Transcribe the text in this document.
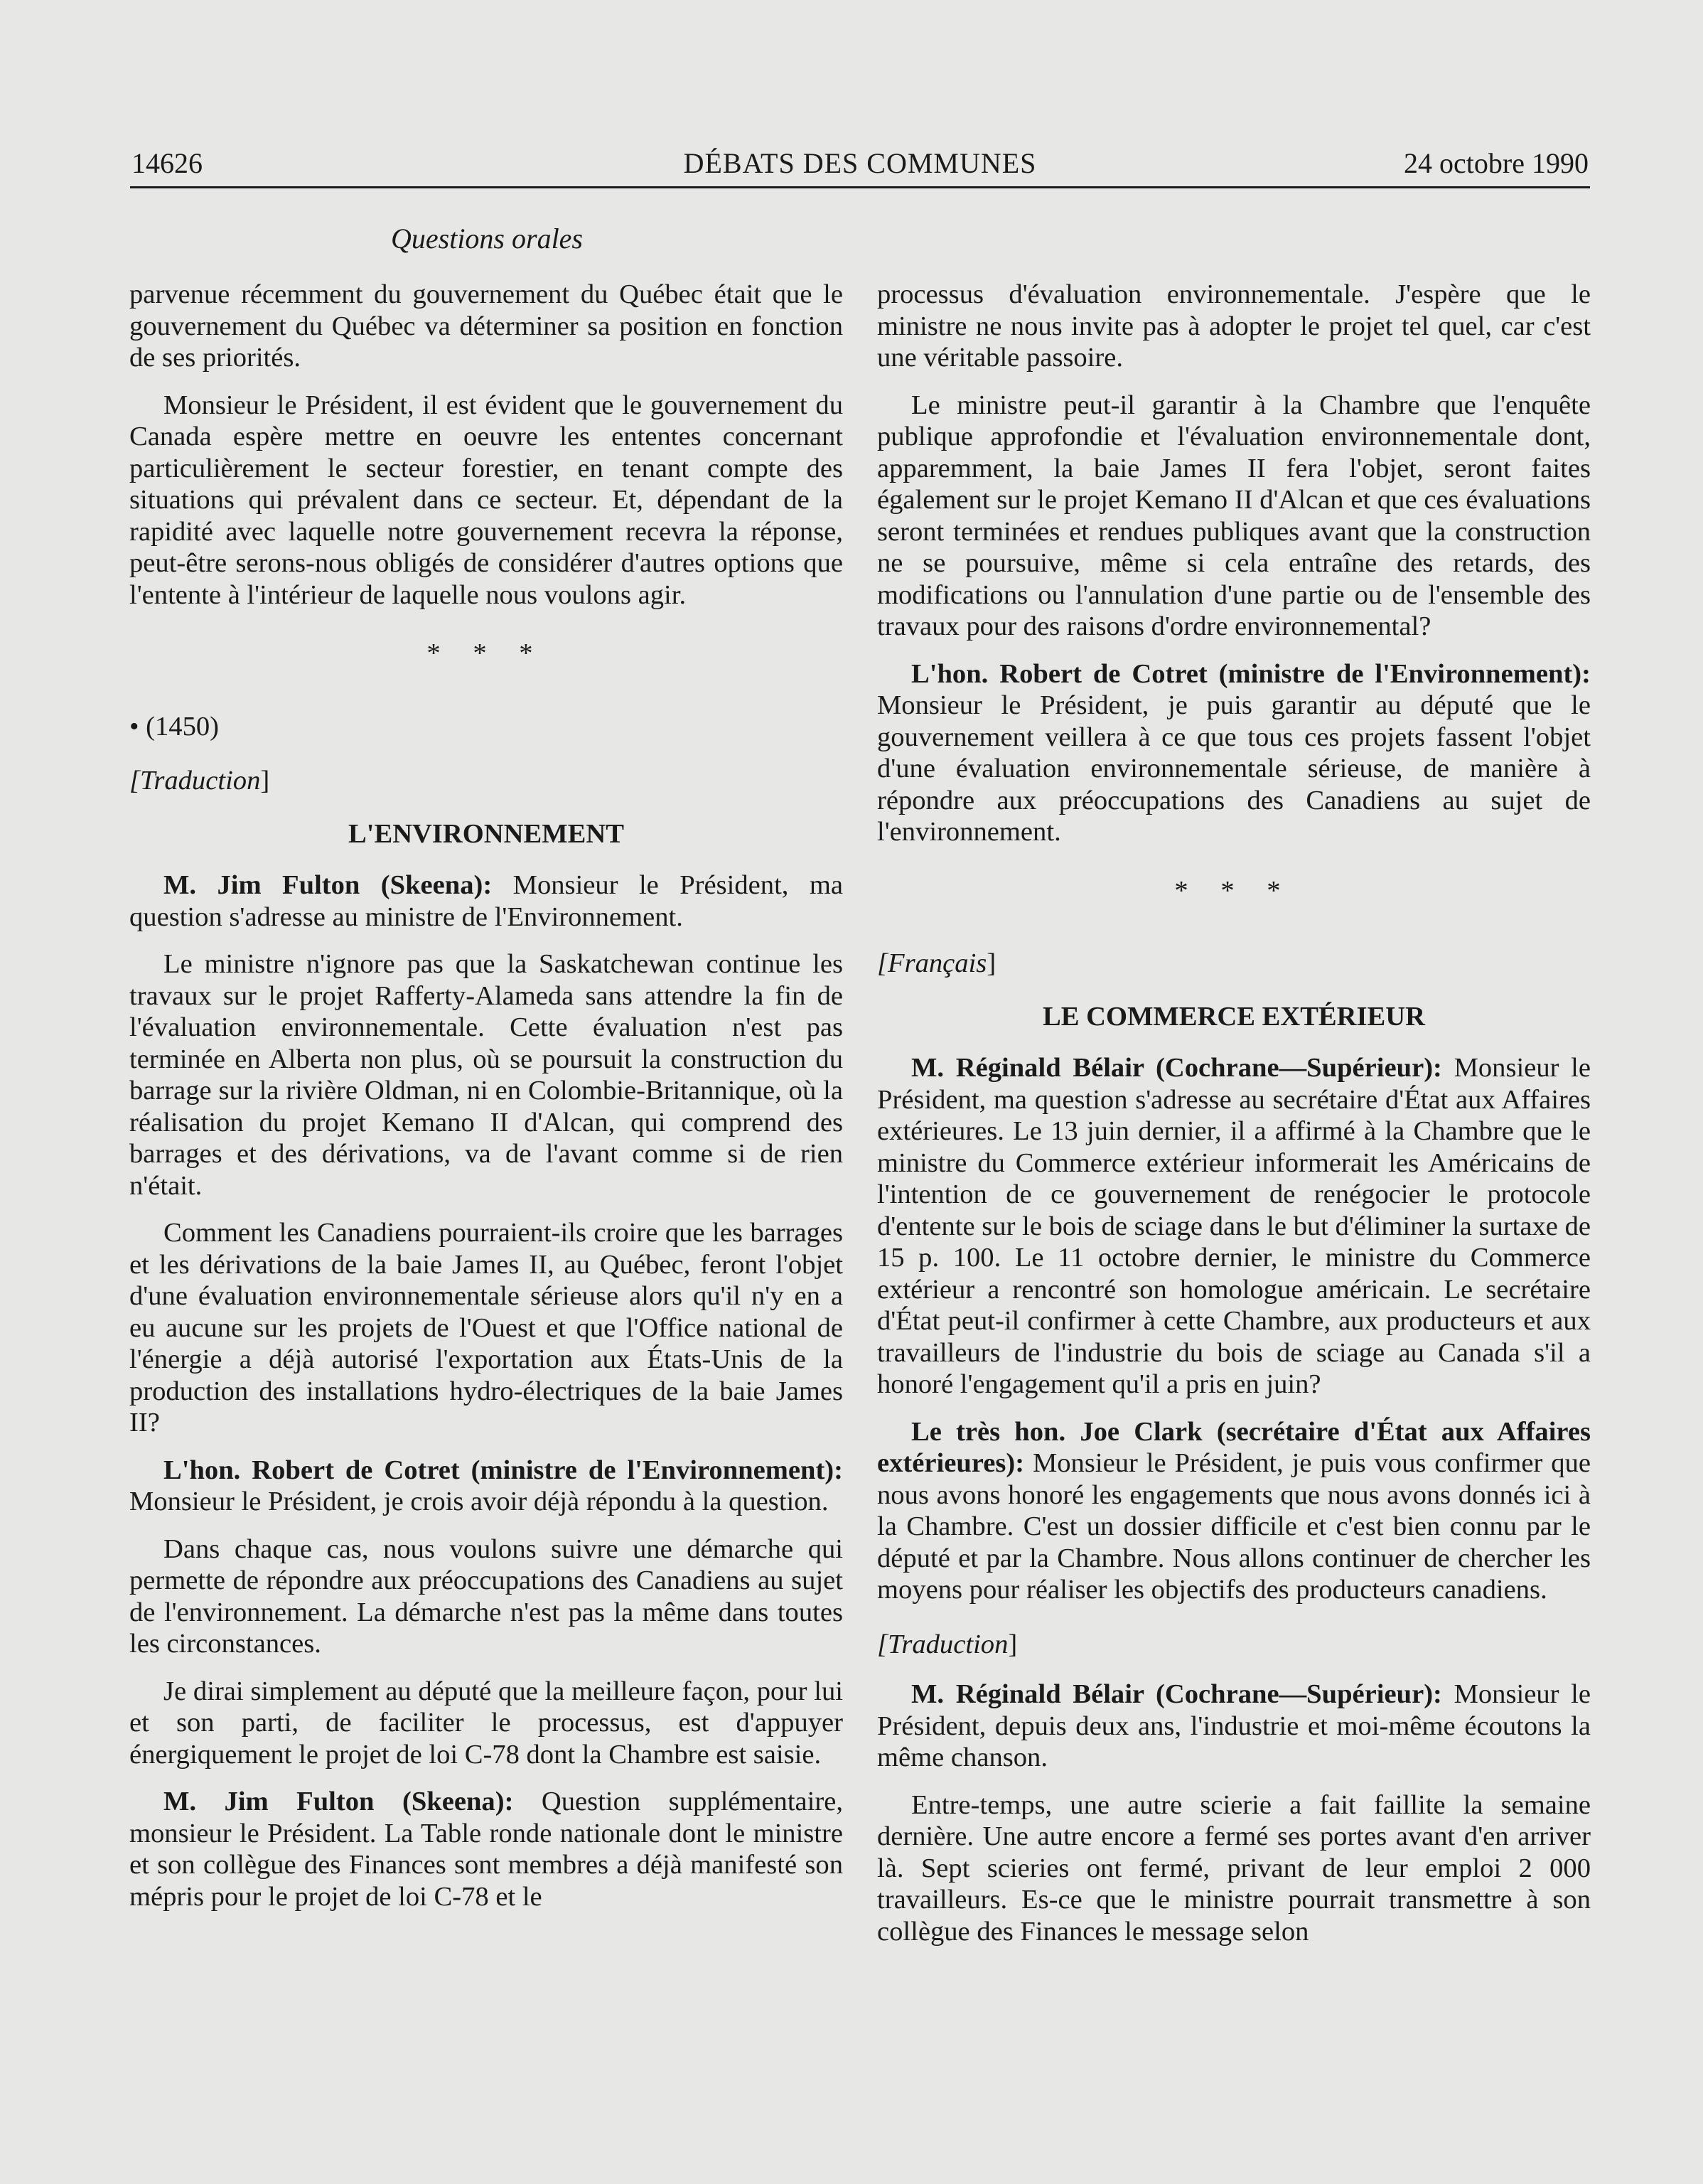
14626	DÉBATS DES COMMUNES	24 octobre 1990
Questions orales

parvenue récemment du gouvernement du Québec était que le gouvernement du Québec va déterminer sa position en fonction de ses priorités.

Monsieur le Président, il est évident que le gouvernement du Canada espère mettre en oeuvre les ententes concernant particulièrement le secteur forestier, en tenant compte des situations qui prévalent dans ce secteur. Et, dépendant de la rapidité avec laquelle notre gouvernement recevra la réponse, peut-être serons-nous obligés de considérer d'autres options que l'entente à l'intérieur de laquelle nous voulons agir.

* * *

• (1450)

[Traduction]

L'ENVIRONNEMENT

M. Jim Fulton (Skeena): Monsieur le Président, ma question s'adresse au ministre de l'Environnement.

Le ministre n'ignore pas que la Saskatchewan continue les travaux sur le projet Rafferty-Alameda sans attendre la fin de l'évaluation environnementale. Cette évaluation n'est pas terminée en Alberta non plus, où se poursuit la construction du barrage sur la rivière Oldman, ni en Colombie-Britannique, où la réalisation du projet Kemano II d'Alcan, qui comprend des barrages et des dérivations, va de l'avant comme si de rien n'était.

Comment les Canadiens pourraient-ils croire que les barrages et les dérivations de la baie James II, au Québec, feront l'objet d'une évaluation environnementale sérieuse alors qu'il n'y en a eu aucune sur les projets de l'Ouest et que l'Office national de l'énergie a déjà autorisé l'exportation aux États-Unis de la production des installations hydro-électriques de la baie James II?

L'hon. Robert de Cotret (ministre de l'Environnement): Monsieur le Président, je crois avoir déjà répondu à la question.

Dans chaque cas, nous voulons suivre une démarche qui permette de répondre aux préoccupations des Canadiens au sujet de l'environnement. La démarche n'est pas la même dans toutes les circonstances.

Je dirai simplement au député que la meilleure façon, pour lui et son parti, de faciliter le processus, est d'appuyer énergiquement le projet de loi C-78 dont la Chambre est saisie.

M. Jim Fulton (Skeena): Question supplémentaire, monsieur le Président. La Table ronde nationale dont le ministre et son collègue des Finances sont membres a déjà manifesté son mépris pour le projet de loi C-78 et le

processus d'évaluation environnementale. J'espère que le ministre ne nous invite pas à adopter le projet tel quel, car c'est une véritable passoire.

Le ministre peut-il garantir à la Chambre que l'enquête publique approfondie et l'évaluation environnementale dont, apparemment, la baie James II fera l'objet, seront faites également sur le projet Kemano II d'Alcan et que ces évaluations seront terminées et rendues publiques avant que la construction ne se poursuive, même si cela entraîne des retards, des modifications ou l'annulation d'une partie ou de l'ensemble des travaux pour des raisons d'ordre environnemental?

L'hon. Robert de Cotret (ministre de l'Environnement): Monsieur le Président, je puis garantir au député que le gouvernement veillera à ce que tous ces projets fassent l'objet d'une évaluation environnementale sérieuse, de manière à répondre aux préoccupations des Canadiens au sujet de l'environnement.

* * *

[Français]

LE COMMERCE EXTÉRIEUR

M. Réginald Bélair (Cochrane—Supérieur): Monsieur le Président, ma question s'adresse au secrétaire d'État aux Affaires extérieures. Le 13 juin dernier, il a affirmé à la Chambre que le ministre du Commerce extérieur informerait les Américains de l'intention de ce gouvernement de renégocier le protocole d'entente sur le bois de sciage dans le but d'éliminer la surtaxe de 15 p. 100. Le 11 octobre dernier, le ministre du Commerce extérieur a rencontré son homologue américain. Le secrétaire d'État peut-il confirmer à cette Chambre, aux producteurs et aux travailleurs de l'industrie du bois de sciage au Canada s'il a honoré l'engagement qu'il a pris en juin?

Le très hon. Joe Clark (secrétaire d'État aux Affaires extérieures): Monsieur le Président, je puis vous confirmer que nous avons honoré les engagements que nous avons donnés ici à la Chambre. C'est un dossier difficile et c'est bien connu par le député et par la Chambre. Nous allons continuer de chercher les moyens pour réaliser les objectifs des producteurs canadiens.

[Traduction]

M. Réginald Bélair (Cochrane—Supérieur): Monsieur le Président, depuis deux ans, l'industrie et moi-même écoutons la même chanson.

Entre-temps, une autre scierie a fait faillite la semaine dernière. Une autre encore a fermé ses portes avant d'en arriver là. Sept scieries ont fermé, privant de leur emploi 2 000 travailleurs. Es-ce que le ministre pourrait transmettre à son collègue des Finances le message selon
